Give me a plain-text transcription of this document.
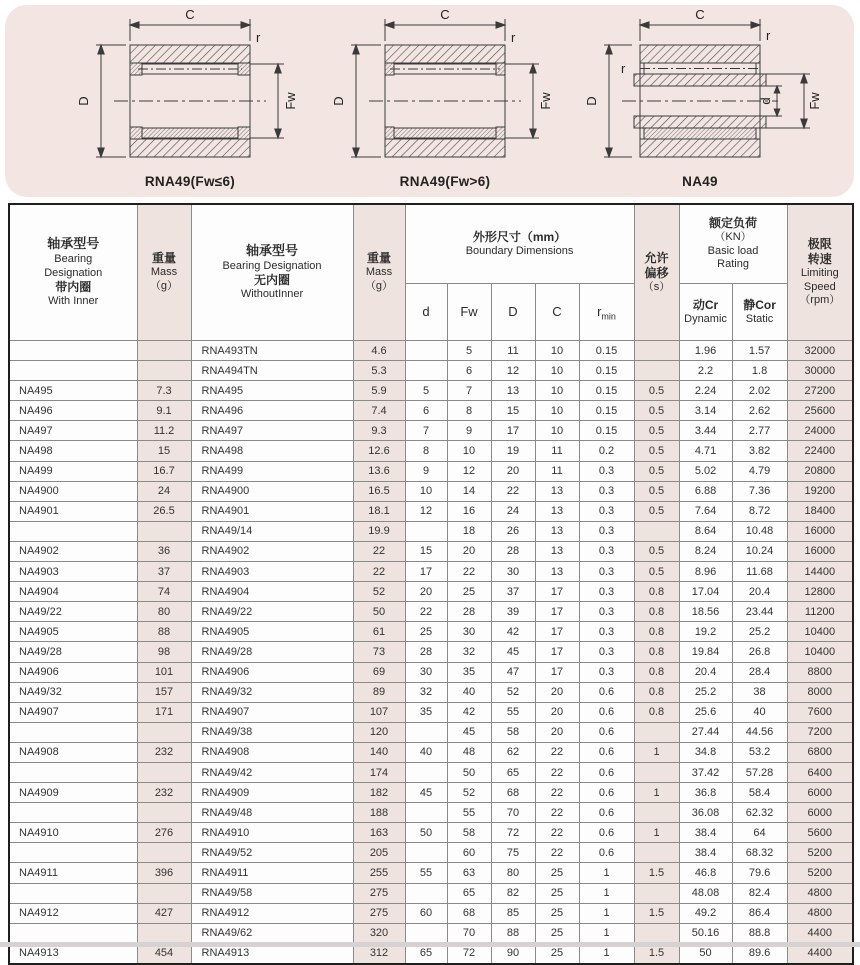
C
r
D	Fw
RNA49(Fw≤6)
C
r
D	Fw
RNA49(Fw>6)
C
r
r
D	d	Fw
NA49
轴承型号
Bearing
Designation
带内圈
With Inner

重量
Mass
（g）

轴承型号
Bearing Designation
无内圈
WithoutInner

重量
Mass
（g）

外形尺寸（mm）
Boundary Dimensions	允许
偏移
（s）

额定负荷
（KN）
Basic load
Rating

极限
转速
Limiting
Speed
（rpm）

d	Fw	D	C	$r_{min}$	
动Cr
Dynamic

静Cor
Static

		RNA493TN	4.6		5	11	10	0.15		1.96	1.57	32000
		RNA494TN	5.3		6	12	10	0.15		2.2	1.8	30000
NA495	7.3	RNA495	5.9	5	7	13	10	0.15	0.5	2.24	2.02	27200
NA496	9.1	RNA496	7.4	6	8	15	10	0.15	0.5	3.14	2.62	25600
NA497	11.2	RNA497	9.3	7	9	17	10	0.15	0.5	3.44	2.77	24000
NA498	15	RNA498	12.6	8	10	19	11	0.2	0.5	4.71	3.82	22400
NA499	16.7	RNA499	13.6	9	12	20	11	0.3	0.5	5.02	4.79	20800
NA4900	24	RNA4900	16.5	10	14	22	13	0.3	0.5	6.88	7.36	19200
NA4901	26.5	RNA4901	18.1	12	16	24	13	0.3	0.5	7.64	8.72	18400
		RNA49/14	19.9		18	26	13	0.3		8.64	10.48	16000
NA4902	36	RNA4902	22	15	20	28	13	0.3	0.5	8.24	10.24	16000
NA4903	37	RNA4903	22	17	22	30	13	0.3	0.5	8.96	11.68	14400
NA4904	74	RNA4904	52	20	25	37	17	0.3	0.8	17.04	20.4	12800
NA49/22	80	RNA49/22	50	22	28	39	17	0.3	0.8	18.56	23.44	11200
NA4905	88	RNA4905	61	25	30	42	17	0.3	0.8	19.2	25.2	10400
NA49/28	98	RNA49/28	73	28	32	45	17	0.3	0.8	19.84	26.8	10400
NA4906	101	RNA4906	69	30	35	47	17	0.3	0.8	20.4	28.4	8800
NA49/32	157	RNA49/32	89	32	40	52	20	0.6	0.8	25.2	38	8000
NA4907	171	RNA4907	107	35	42	55	20	0.6	0.8	25.6	40	7600
		RNA49/38	120		45	58	20	0.6		27.44	44.56	7200
NA4908	232	RNA4908	140	40	48	62	22	0.6	1	34.8	53.2	6800
		RNA49/42	174		50	65	22	0.6		37.42	57.28	6400
NA4909	232	RNA4909	182	45	52	68	22	0.6	1	36.8	58.4	6000
		RNA49/48	188		55	70	22	0.6		36.08	62.32	6000
NA4910	276	RNA4910	163	50	58	72	22	0.6	1	38.4	64	5600
		RNA49/52	205		60	75	22	0.6		38.4	68.32	5200
NA4911	396	RNA4911	255	55	63	80	25	1	1.5	46.8	79.6	5200
		RNA49/58	275		65	82	25	1		48.08	82.4	4800
NA4912	427	RNA4912	275	60	68	85	25	1	1.5	49.2	86.4	4800
		RNA49/62	320		70	88	25	1		50.16	88.8	4400
NA4913	454	RNA4913	312	65	72	90	25	1	1.5	50	89.6	4400
